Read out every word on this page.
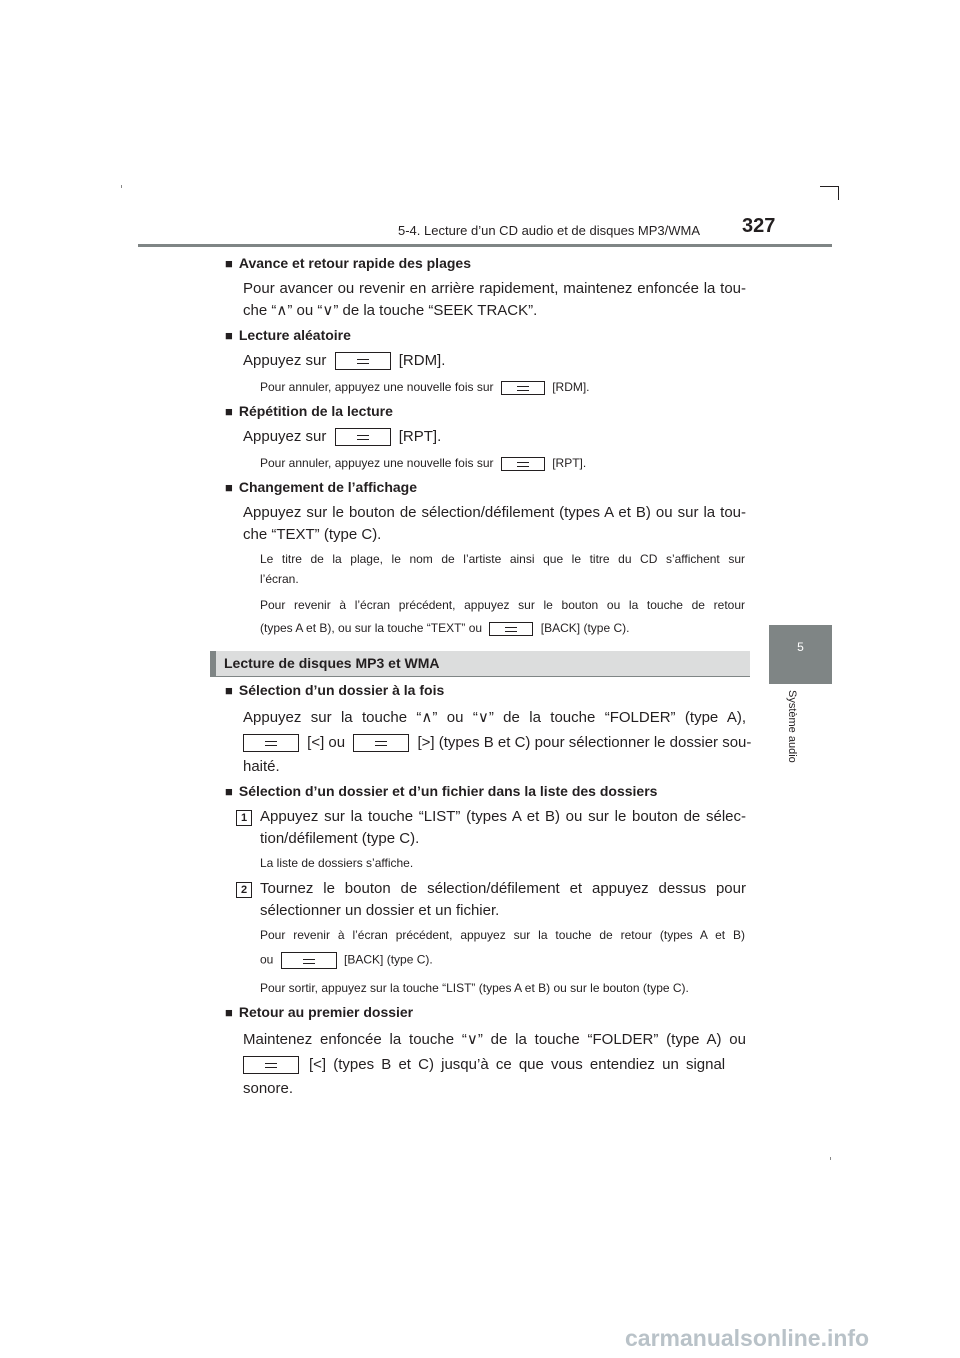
5-4. Lecture d’un CD audio et de disques MP3/WMA 327
5
Système audio
■ Avance et retour rapide des plages
Pour avancer ou revenir en arrière rapidement, maintenez enfoncée la tou-
che “∧” ou “∨” de la touche “SEEK TRACK”.
■ Lecture aléatoire
Appuyez sur	[RDM].
Pour annuler, appuyez une nouvelle fois sur	[RDM].
■ Répétition de la lecture
Appuyez sur	[RPT].
Pour annuler, appuyez une nouvelle fois sur	[RPT].
■ Changement de l’affichage
Appuyez sur le bouton de sélection/défilement (types A et B) ou sur la tou-
che “TEXT” (type C).
Le titre de la plage, le nom de l’artiste ainsi que le titre du CD s’affichent sur
l’écran.
Pour revenir à l’écran précédent, appuyez sur le bouton ou la touche de retour
(types A et B), ou sur la touche “TEXT” ou	[BACK] (type C).
Lecture de disques MP3 et WMA
■ Sélection d’un dossier à la fois
Appuyez sur la touche “∧” ou “∨” de la touche “FOLDER” (type A),
[<] ou	[>] (types B et C) pour sélectionner le dossier sou-
haité.
■ Sélection d’un dossier et d’un fichier dans la liste des dossiers
1 Appuyez sur la touche “LIST” (types A et B) ou sur le bouton de sélec-
tion/défilement (type C).
La liste de dossiers s’affiche.
2 Tournez le bouton de sélection/défilement et appuyez dessus pour
sélectionner un dossier et un fichier.
Pour revenir à l’écran précédent, appuyez sur la touche de retour (types A et B)
ou	[BACK] (type C).
Pour sortir, appuyez sur la touche “LIST” (types A et B) ou sur le bouton (type C).
■ Retour au premier dossier
Maintenez enfoncée la touche “∨” de la touche “FOLDER” (type A) ou
[<] (types B et C) jusqu’à ce que vous entendiez un signal
sonore.
carmanualsonline.info
